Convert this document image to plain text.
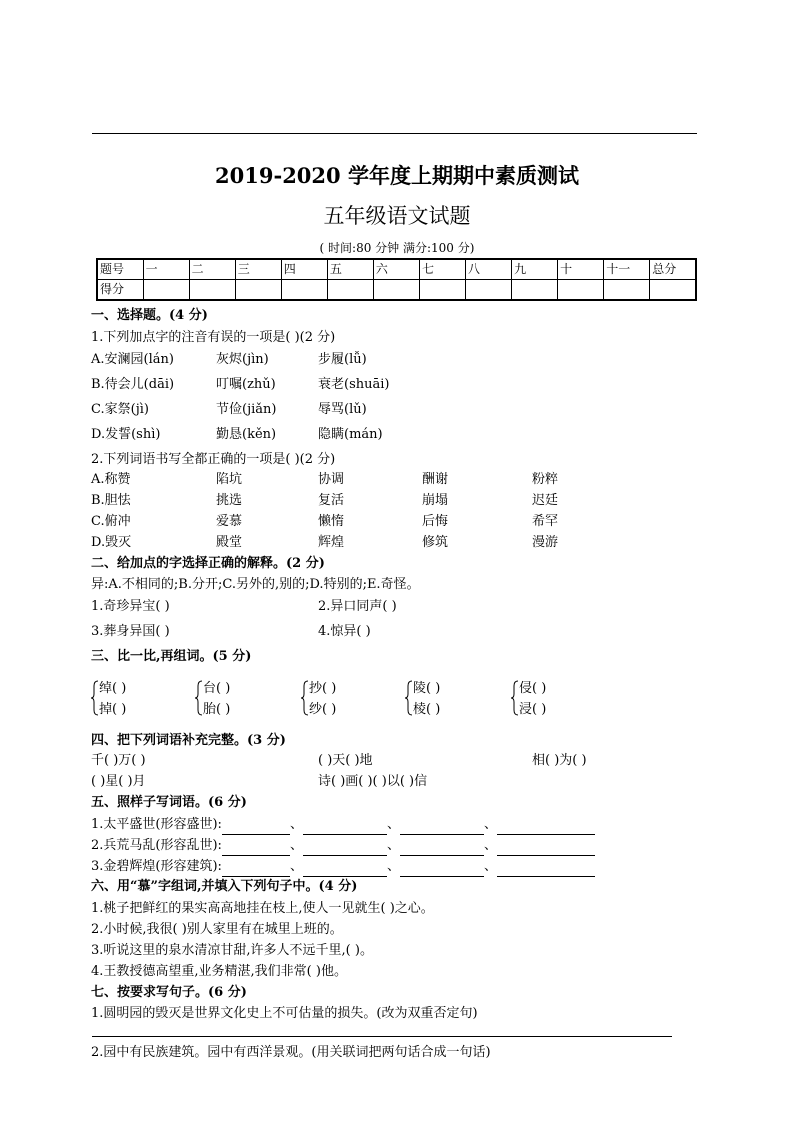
2019-2020 学年度上期期中素质测试
五年级语文试题
( 时间:80 分钟 满分:100 分)
题号	一	二	三	四	五	六	七	八	九	十	十一	总分
得分												
一、选择题。(4 分)
1.下列加点字的注音有误的一项是( )(2 分)
A.安澜园(lán)	灰烬(jìn)	步履(lǚ)
B.待会儿(dāi)	叮嘱(zhǔ)	衰老(shuāi)
C.家祭(jì)	节俭(jiǎn)	辱骂(lǔ)
D.发誓(shì)	勤恳(kěn)	隐瞒(mán)
2.下列词语书写全都正确的一项是( )(2 分)
A.称赞	陷坑	协调	酬谢	粉粹
B.胆怯	挑选	复活	崩塌	迟廷
C.俯冲	爱慕	懒惰	后悔	希罕
D.毁灭	殿堂	辉煌	修筑	漫游
二、给加点的字选择正确的解释。(2 分)
异:A.不相同的;B.分开;C.另外的,别的;D.特别的;E.奇怪。
1.奇珍异宝( )	2.异口同声( )
3.葬身异国( )	4.惊异( )
三、比一比,再组词。(5 分)
绰( )
掉( )
台( )
胎( )
抄( )
纱( )
陵( )
棱( )
侵( )
浸( )
四、把下列词语补充完整。(3 分)
千( )万( )	( )天( )地	相( )为( )
( )星( )月	诗( )画( )( )以( )信
五、照样子写词语。(6 分)
1.太平盛世(形容盛世):	、	、	、
2.兵荒马乱(形容乱世):	、	、	、
3.金碧辉煌(形容建筑):	、	、	、
六、用“慕”字组词,并填入下列句子中。(4 分)
1.桃子把鲜红的果实高高地挂在枝上,使人一见就生( )之心。
2.小时候,我很( )别人家里有在城里上班的。
3.听说这里的泉水清凉甘甜,许多人不远千里,( )。
4.王教授德高望重,业务精湛,我们非常( )他。
七、按要求写句子。(6 分)
1.圆明园的毁灭是世界文化史上不可估量的损失。(改为双重否定句)
2.园中有民族建筑。园中有西洋景观。(用关联词把两句话合成一句话)
